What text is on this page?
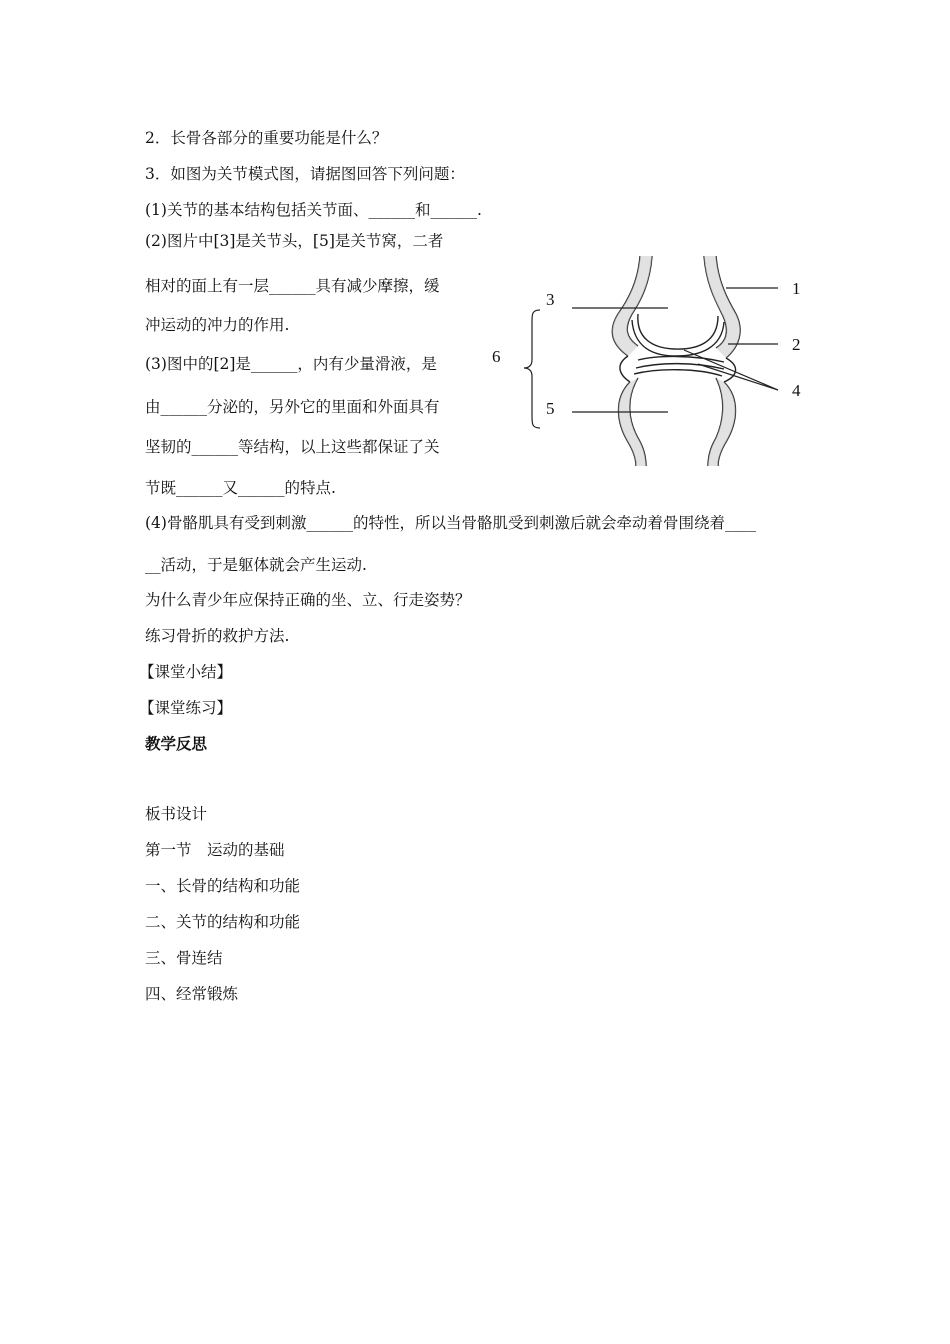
2．长骨各部分的重要功能是什么？
3．如图为关节模式图，请据图回答下列问题：
(1)关节的基本结构包括关节面、______和______.
(2)图片中[3]是关节头，[5]是关节窝，二者
相对的面上有一层______具有减少摩擦，缓
冲运动的冲力的作用.
(3)图中的[2]是______，内有少量滑液，是
由______分泌的，另外它的里面和外面具有
坚韧的______等结构，以上这些都保证了关
节既______又______的特点.
(4)骨骼肌具有受到刺激______的特性，所以当骨骼肌受到刺激后就会牵动着骨围绕着____
__活动，于是躯体就会产生运动.
为什么青少年应保持正确的坐、立、行走姿势？
练习骨折的救护方法.
【课堂小结】
【课堂练习】
教学反思
板书设计
第一节　运动的基础
一、长骨的结构和功能
二、关节的结构和功能
三、骨连结
四、经常锻炼
1
2
3
4
5
6
